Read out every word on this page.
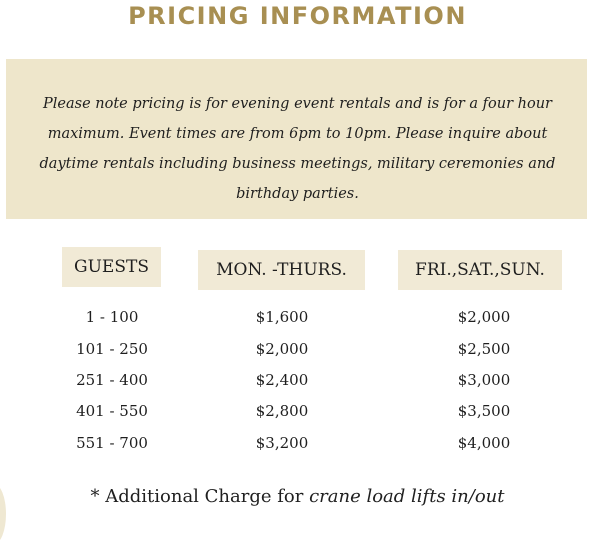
PRICING INFORMATION
Please note pricing is for evening event rentals and is for a four hour maximum. Event times are from 6pm to 10pm. Please inquire about daytime rentals including business meetings, military ceremonies and birthday parties.
GUESTS	MON. -THURS.	FRI.,SAT.,SUN.
1 - 100	$1,600	$2,000
101 - 250	$2,000	$2,500
251 - 400	$2,400	$3,000
401 - 550	$2,800	$3,500
551 - 700	$3,200	$4,000
* Additional Charge for crane load lifts in/out
